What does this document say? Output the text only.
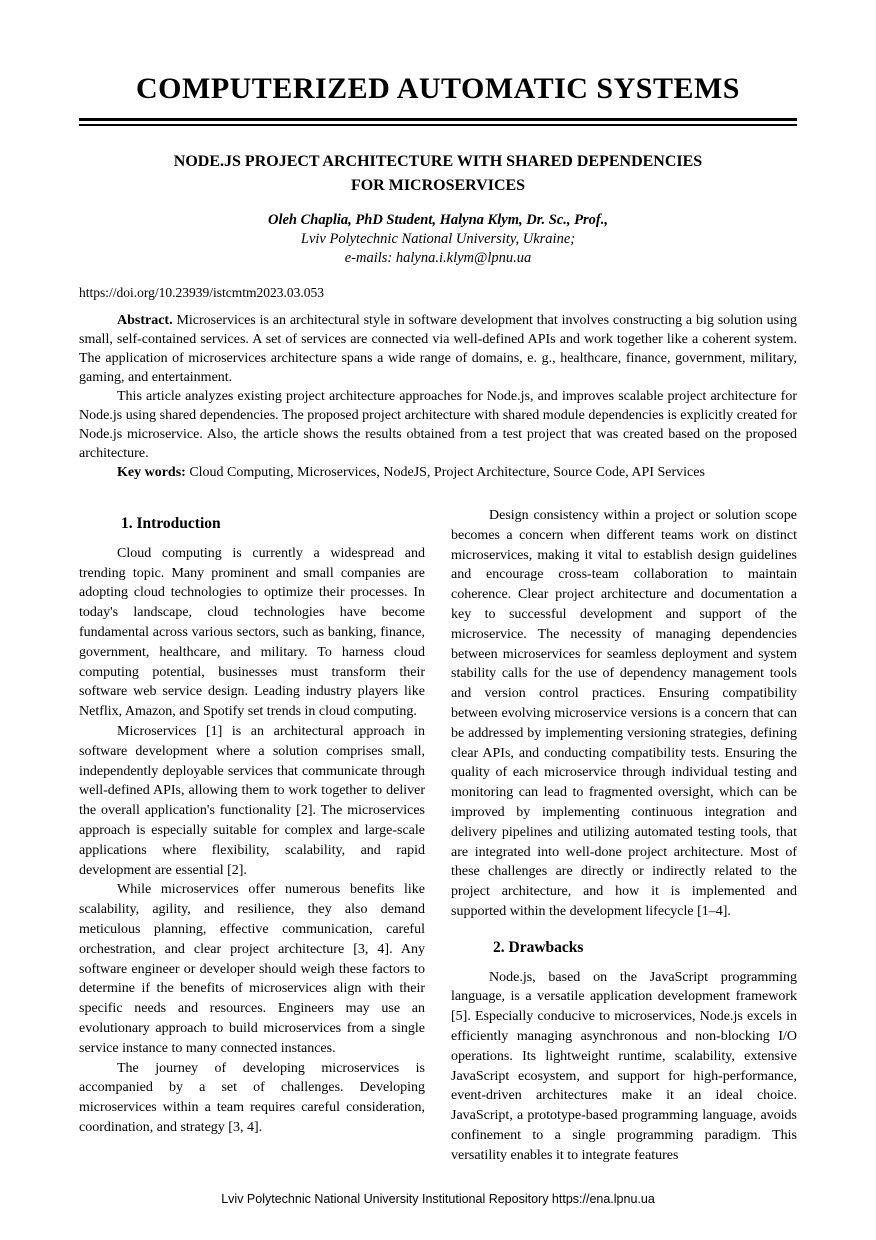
COMPUTERIZED AUTOMATIC SYSTEMS
NODE.JS PROJECT ARCHITECTURE WITH SHARED DEPENDENCIES
FOR MICROSERVICES
Oleh Chaplia, PhD Student, Halyna Klym, Dr. Sc., Prof.,
Lviv Polytechnic National University, Ukraine;
e-mails: halyna.i.klym@lpnu.ua
https://doi.org/10.23939/istcmtm2023.03.053

Abstract. Microservices is an architectural style in software development that involves constructing a big solution using small, self-contained services. A set of services are connected via well-defined APIs and work together like a coherent system. The application of microservices architecture spans a wide range of domains, e. g., healthcare, finance, government, military, gaming, and entertainment.

This article analyzes existing project architecture approaches for Node.js, and improves scalable project architecture for Node.js using shared dependencies. The proposed project architecture with shared module dependencies is explicitly created for Node.js microservice. Also, the article shows the results obtained from a test project that was created based on the proposed architecture.

Key words: Cloud Computing, Microservices, NodeJS, Project Architecture, Source Code, API Services

1. Introduction

Cloud computing is currently a widespread and trending topic. Many prominent and small companies are adopting cloud technologies to optimize their processes. In today's landscape, cloud technologies have become fundamental across various sectors, such as banking, finance, government, healthcare, and military. To harness cloud computing potential, businesses must transform their software web service design. Leading industry players like Netflix, Amazon, and Spotify set trends in cloud computing.

Microservices [1] is an architectural approach in software development where a solution comprises small, independently deployable services that communicate through well-defined APIs, allowing them to work together to deliver the overall application's functionality [2]. The microservices approach is especially suitable for complex and large-scale applications where flexibility, scalability, and rapid development are essential [2].

While microservices offer numerous benefits like scalability, agility, and resilience, they also demand meticulous planning, effective communication, careful orchestration, and clear project architecture [3, 4]. Any software engineer or developer should weigh these factors to determine if the benefits of microservices align with their specific needs and resources. Engineers may use an evolutionary approach to build microservices from a single service instance to many connected instances.

The journey of developing microservices is accompanied by a set of challenges. Developing microservices within a team requires careful consideration, coordination, and strategy [3, 4].

Design consistency within a project or solution scope becomes a concern when different teams work on distinct microservices, making it vital to establish design guidelines and encourage cross-team collaboration to maintain coherence. Clear project architecture and documentation a key to successful development and support of the microservice. The necessity of managing dependencies between microservices for seamless deployment and system stability calls for the use of dependency management tools and version control practices. Ensuring compatibility between evolving microservice versions is a concern that can be addressed by implementing versioning strategies, defining clear APIs, and conducting compatibility tests. Ensuring the quality of each microservice through individual testing and monitoring can lead to fragmented oversight, which can be improved by implementing continuous integration and delivery pipelines and utilizing automated testing tools, that are integrated into well-done project architecture. Most of these challenges are directly or indirectly related to the project architecture, and how it is implemented and supported within the development lifecycle [1–4].

2. Drawbacks

Node.js, based on the JavaScript programming language, is a versatile application development framework [5]. Especially conducive to microservices, Node.js excels in efficiently managing asynchronous and non-blocking I/O operations. Its lightweight runtime, scalability, extensive JavaScript ecosystem, and support for high-performance, event-driven architectures make it an ideal choice. JavaScript, a prototype-based programming language, avoids confinement to a single programming paradigm. This versatility enables it to integrate features

Lviv Polytechnic National University Institutional Repository https://ena.lpnu.ua
